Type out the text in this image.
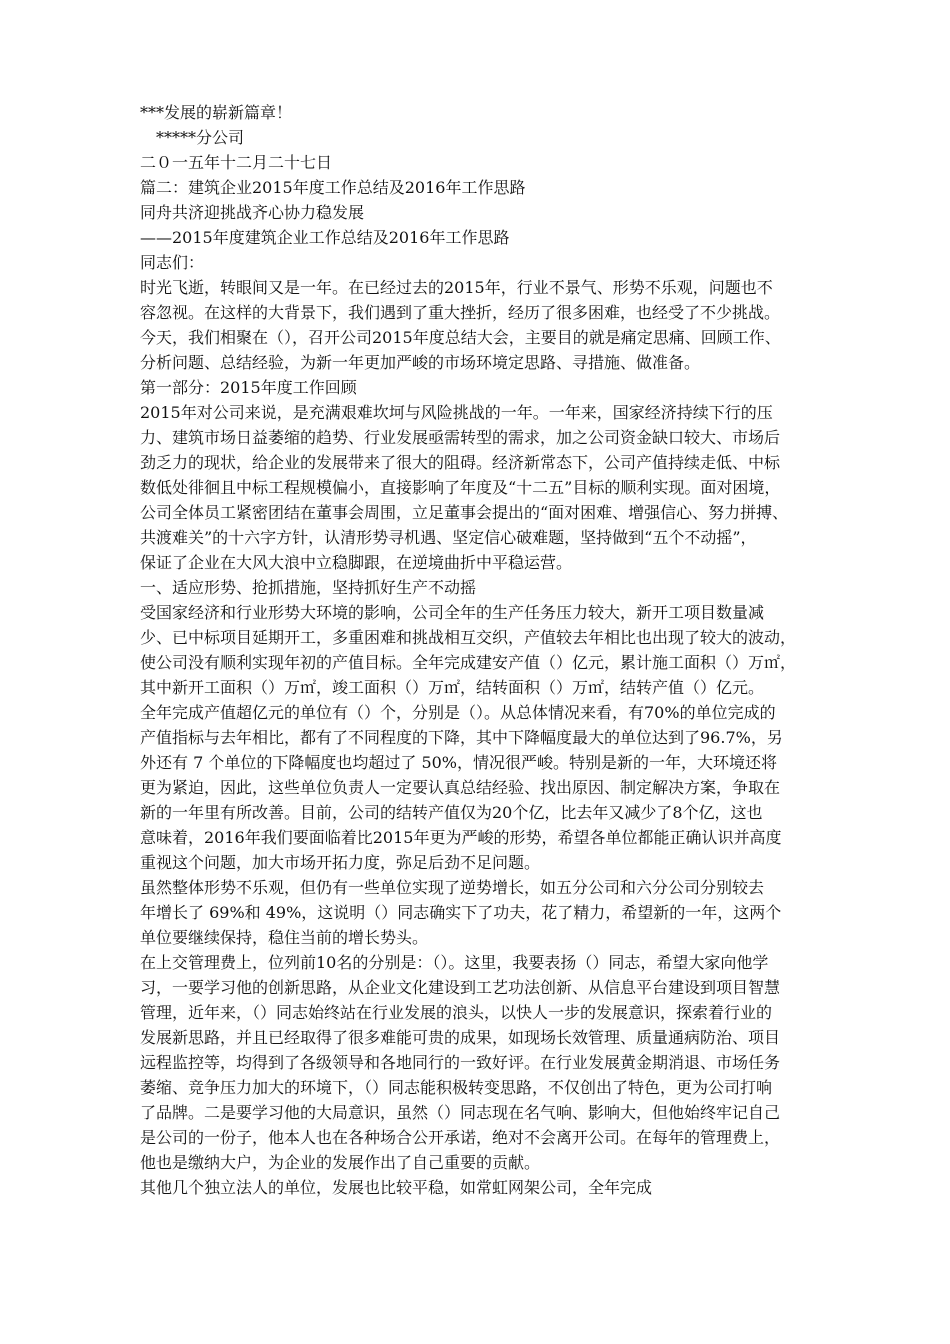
***发展的崭新篇章！
　*****分公司
二０一五年十二月二十七日
篇二：建筑企业2015年度工作总结及2016年工作思路
同舟共济迎挑战齐心协力稳发展
——2015年度建筑企业工作总结及2016年工作思路
同志们：
时光飞逝，转眼间又是一年。在已经过去的2015年，行业不景气、形势不乐观，问题也不
容忽视。在这样的大背景下，我们遇到了重大挫折，经历了很多困难，也经受了不少挑战。
今天，我们相聚在（），召开公司2015年度总结大会，主要目的就是痛定思痛、回顾工作、
分析问题、总结经验，为新一年更加严峻的市场环境定思路、寻措施、做准备。
第一部分：2015年度工作回顾
2015年对公司来说，是充满艰难坎坷与风险挑战的一年。一年来，国家经济持续下行的压
力、建筑市场日益萎缩的趋势、行业发展亟需转型的需求，加之公司资金缺口较大、市场后
劲乏力的现状，给企业的发展带来了很大的阻碍。经济新常态下，公司产值持续走低、中标
数低处徘徊且中标工程规模偏小，直接影响了年度及“十二五”目标的顺利实现。面对困境，
公司全体员工紧密团结在董事会周围，立足董事会提出的“面对困难、增强信心、努力拼搏、
共渡难关”的十六字方针，认清形势寻机遇、坚定信心破难题，坚持做到“五个不动摇”，
保证了企业在大风大浪中立稳脚跟，在逆境曲折中平稳运营。
一、适应形势、抢抓措施，坚持抓好生产不动摇
受国家经济和行业形势大环境的影响，公司全年的生产任务压力较大，新开工项目数量减
少、已中标项目延期开工，多重困难和挑战相互交织，产值较去年相比也出现了较大的波动，
使公司没有顺利实现年初的产值目标。全年完成建安产值（）亿元，累计施工面积（）万㎡，
其中新开工面积（）万㎡，竣工面积（）万㎡，结转面积（）万㎡，结转产值（）亿元。
全年完成产值超亿元的单位有（）个，分别是（）。从总体情况来看，有70%的单位完成的
产值指标与去年相比，都有了不同程度的下降，其中下降幅度最大的单位达到了96.7%，另
外还有 7 个单位的下降幅度也均超过了 50%，情况很严峻。特别是新的一年，大环境还将
更为紧迫，因此，这些单位负责人一定要认真总结经验、找出原因、制定解决方案，争取在
新的一年里有所改善。目前，公司的结转产值仅为20个亿，比去年又减少了8个亿，这也
意味着，2016年我们要面临着比2015年更为严峻的形势，希望各单位都能正确认识并高度
重视这个问题，加大市场开拓力度，弥足后劲不足问题。
虽然整体形势不乐观，但仍有一些单位实现了逆势增长，如五分公司和六分公司分别较去
年增长了 69%和 49%，这说明（）同志确实下了功夫，花了精力，希望新的一年，这两个
单位要继续保持，稳住当前的增长势头。
在上交管理费上，位列前10名的分别是：（）。这里，我要表扬（）同志，希望大家向他学
习，一要学习他的创新思路，从企业文化建设到工艺功法创新、从信息平台建设到项目智慧
管理，近年来，（）同志始终站在行业发展的浪头，以快人一步的发展意识，探索着行业的
发展新思路，并且已经取得了很多难能可贵的成果，如现场长效管理、质量通病防治、项目
远程监控等，均得到了各级领导和各地同行的一致好评。在行业发展黄金期消退、市场任务
萎缩、竞争压力加大的环境下，（）同志能积极转变思路，不仅创出了特色，更为公司打响
了品牌。二是要学习他的大局意识，虽然（）同志现在名气响、影响大，但他始终牢记自己
是公司的一份子，他本人也在各种场合公开承诺，绝对不会离开公司。在每年的管理费上，
他也是缴纳大户，为企业的发展作出了自己重要的贡献。
其他几个独立法人的单位，发展也比较平稳，如常虹网架公司，全年完成
